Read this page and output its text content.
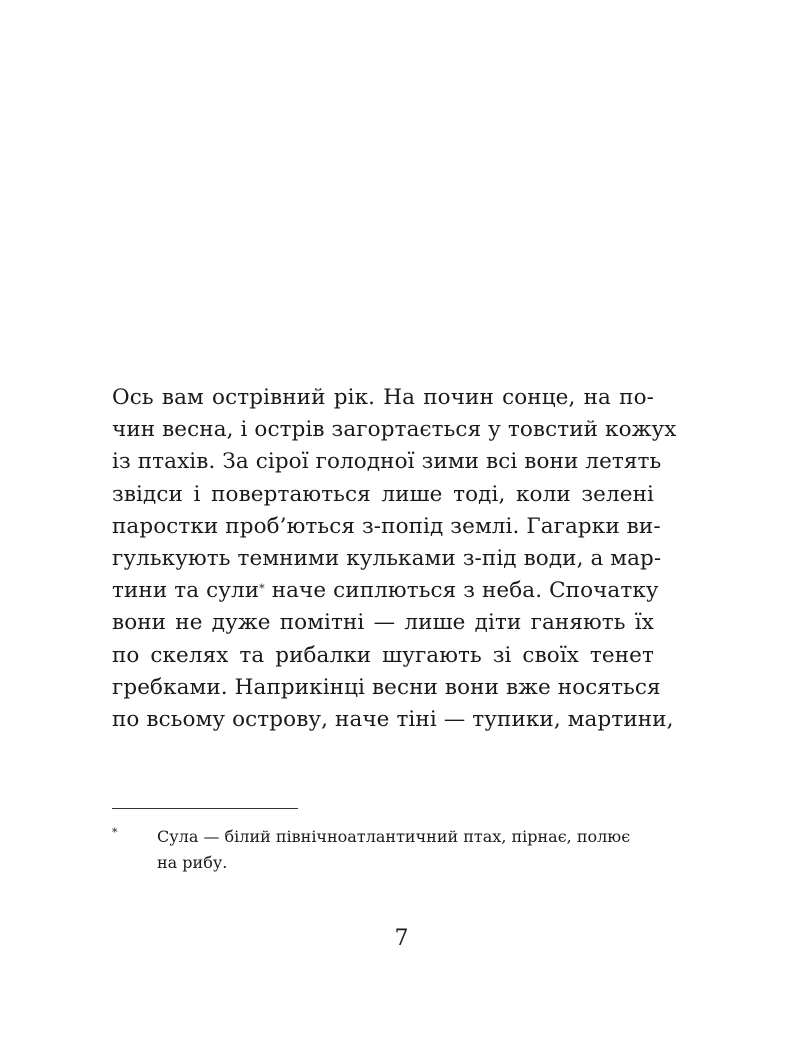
Ось вам острівний рік. На почин сонце, на по-
чин весна, і острів загортається у товстий кожух
із птахів. За сірої голодної зими всі вони летять
звідси і повертаються лише тоді, коли зелені
паростки проб’ються з-попід землі. Гагарки ви-
гулькують темними кульками з-під води, а мар-
тини та сули* наче сиплються з неба. Спочатку
вони не дуже помітні — лише діти ганяють їх
по скелях та рибалки шугають зі своїх тенет
гребками. Наприкінці весни вони вже носяться
по всьому острову, наче тіні — тупики, мартини,
*	Сула — білий північноатлантичний птах, пірнає, полює
на рибу.
7
